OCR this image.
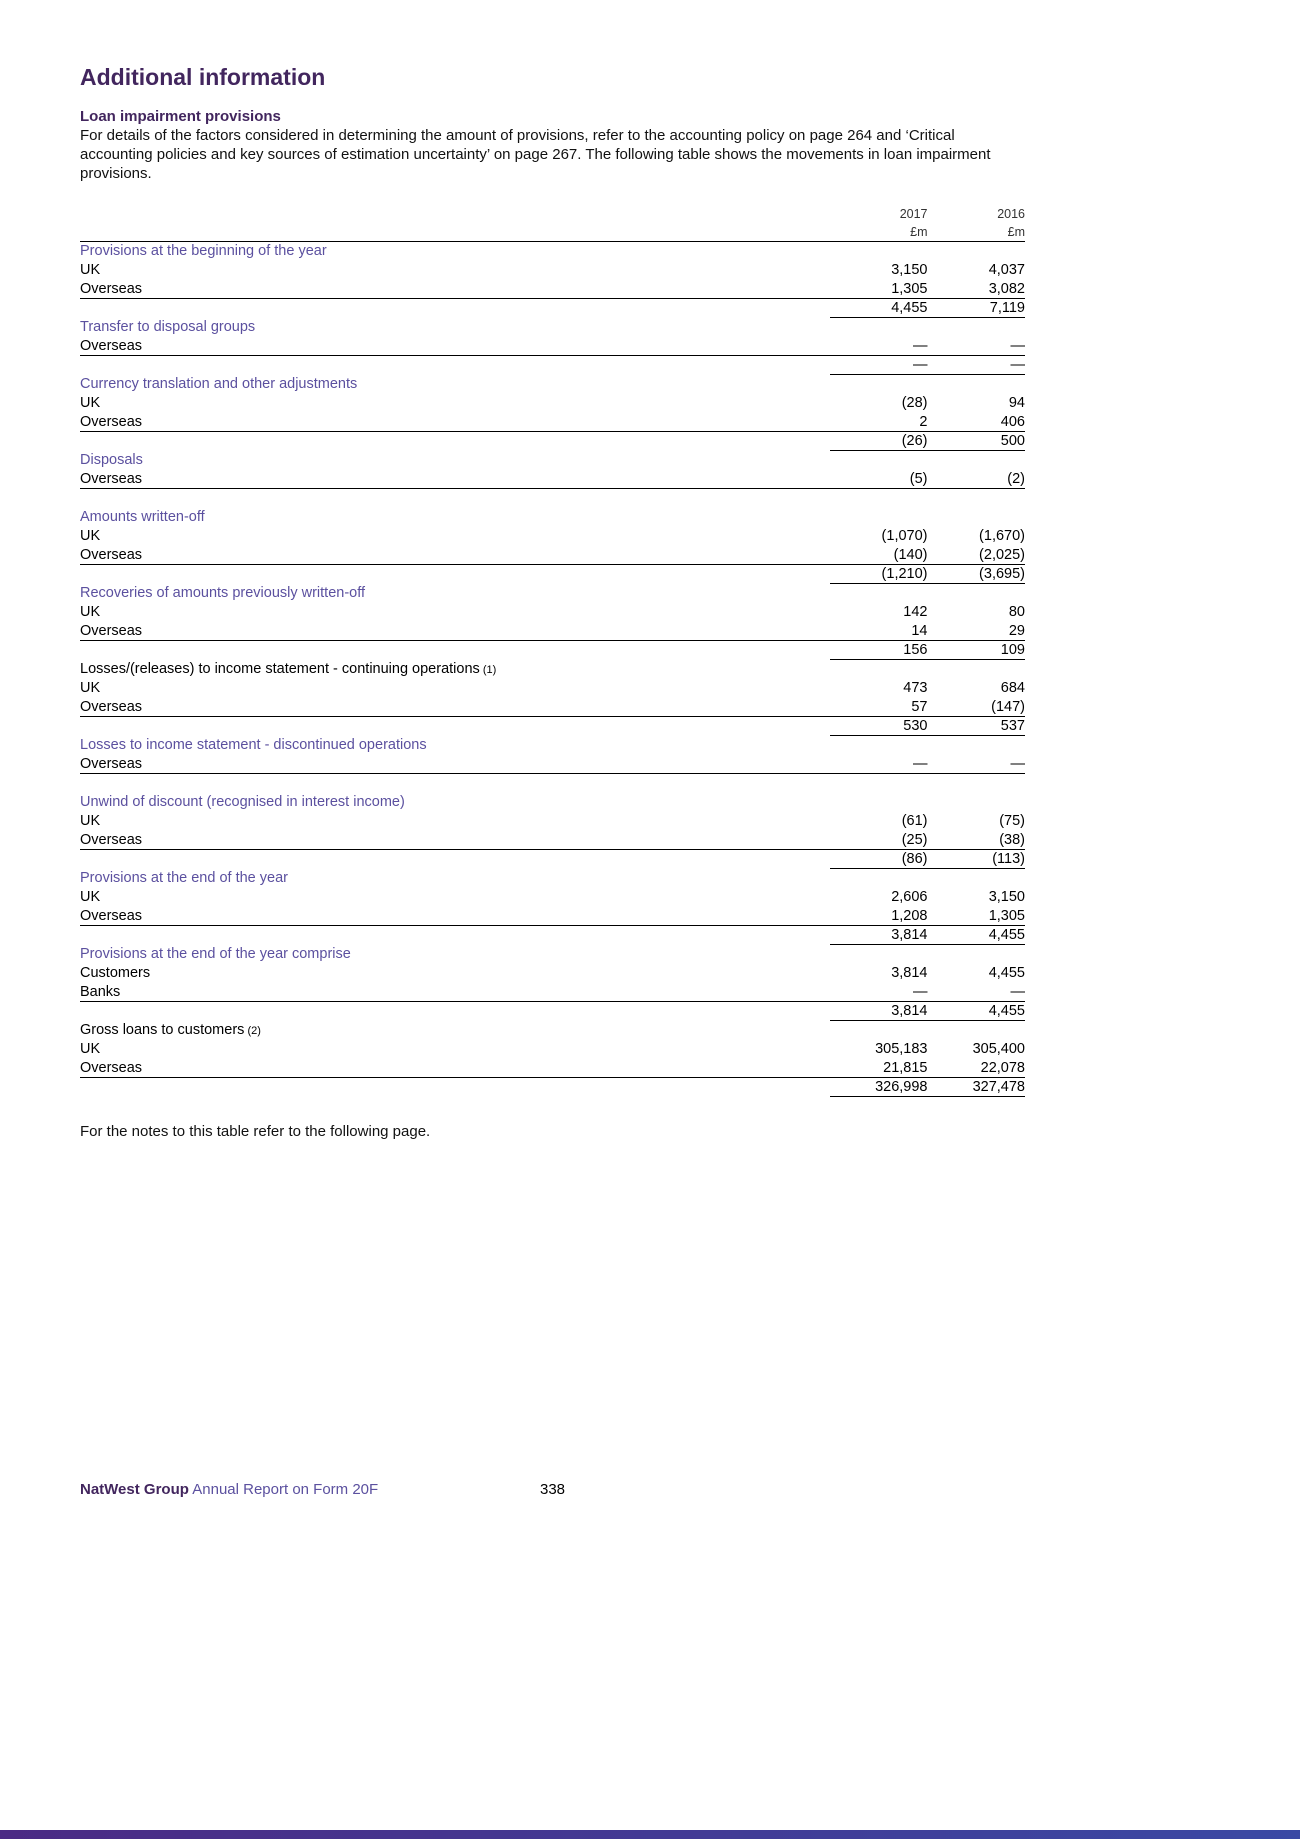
Additional information
Loan impairment provisions

For details of the factors considered in determining the amount of provisions, refer to the accounting policy on page 264 and ‘Critical accounting policies and key sources of estimation uncertainty’ on page 267. The following table shows the movements in loan impairment provisions.

2017	2016
£m	£m
Provisions at the beginning of the year
UK	3,150	4,037
Overseas	1,305	3,082
4,455	7,119
Transfer to disposal groups
Overseas	—	—
—	—
Currency translation and other adjustments
UK	(28)	94
Overseas	2	406
(26)	500
Disposals
Overseas	(5)	(2)
Amounts written-off
UK	(1,070)	(1,670)
Overseas	(140)	(2,025)
(1,210)	(3,695)
Recoveries of amounts previously written-off
UK	142	80
Overseas	14	29
156	109
Losses/(releases) to income statement - continuing operations (1)
UK	473	684
Overseas	57	(147)
530	537
Losses to income statement - discontinued operations
Overseas	—	—
Unwind of discount (recognised in interest income)
UK	(61)	(75)
Overseas	(25)	(38)
(86)	(113)
Provisions at the end of the year
UK	2,606	3,150
Overseas	1,208	1,305
3,814	4,455
Provisions at the end of the year comprise
Customers	3,814	4,455
Banks	—	—
3,814	4,455
Gross loans to customers (2)
UK	305,183	305,400
Overseas	21,815	22,078
326,998	327,478

For the notes to this table refer to the following page.

338
NatWest Group Annual Report on Form 20F
